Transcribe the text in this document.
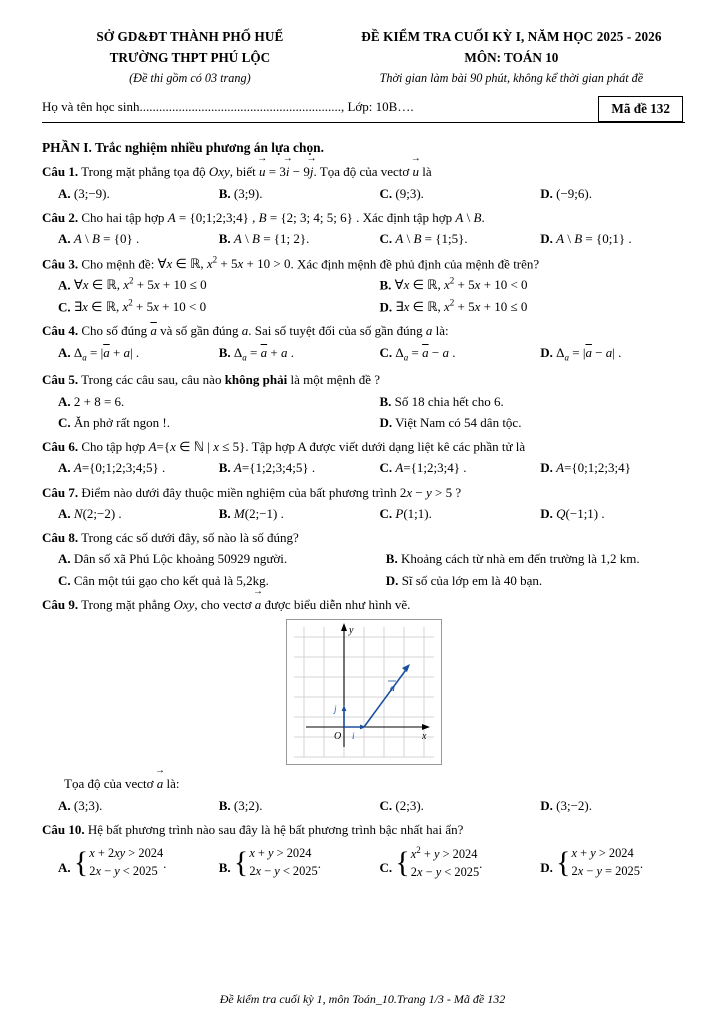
SỞ GD&ĐT THÀNH PHỐ HUẾ
TRƯỜNG THPT PHÚ LỘC
(Đề thi gồm có 03 trang)
ĐỀ KIỂM TRA CUỐI KỲ I, NĂM HỌC 2025 - 2026
MÔN: TOÁN 10
Thời gian làm bài 90 phút, không kể thời gian phát đề
Họ và tên học sinh .............................................................. , Lớp: 10B….	Mã đề 132
PHẦN I. Trắc nghiệm nhiều phương án lựa chọn.
Câu 1. Trong mặt phẳng tọa độ Oxy, biết u → = 3i → − 9j →. Tọa độ của vectơ u → là
A. (3;−9).	B. (3;9).	C. (9;3).	D. (−9;6).
Câu 2. Cho hai tập hợp A = {0;1;2;3;4} , B = {2; 3; 4; 5; 6} . Xác định tập hợp A \ B.
A. A \ B = {0} .	B. A \ B = {1; 2}.	C. A \ B = {1;5}.	D. A \ B = {0;1} .
Câu 3. Cho mệnh đề: ∀x ∈ ℝ, $x^2 + 5x + 10 > 0$. Xác định mệnh đề phủ định của mệnh đề trên?
A. ∀x ∈ ℝ, $x^2 + 5x + 10 \le 0$	B. ∀x ∈ ℝ, $x^2 + 5x + 10 < 0$
C. ∃x ∈ ℝ, $x^2 + 5x + 10 < 0$	D. ∃x ∈ ℝ, $x^2 + 5x + 10 \le 0$
Câu 4. Cho số đúng $\overline{a}$ và số gần đúng a. Sai số tuyệt đối của số gần đúng a là:
A. $\Delta_a = |\overline{a} + a|$ .	B. $\Delta_a = \overline{a} + a$ .	C. $\Delta_a = \overline{a} - a$ .	D. $\Delta_a = |\overline{a} - a|$ .
Câu 5. Trong các câu sau, câu nào không phải là một mệnh đề ?
A. 2 + 8 = 6.	B. Số 18 chia hết cho 6.
C. Ăn phở rất ngon !.	D. Việt Nam có 54 dân tộc.
Câu 6. Cho tập hợp A={x ∈ ℕ | x ≤ 5}. Tập hợp A được viết dưới dạng liệt kê các phần tử là
A. A={0;1;2;3;4;5} .	B. A={1;2;3;4;5} .	C. A={1;2;3;4} .	D. A={0;1;2;3;4}
Câu 7. Điểm nào dưới đây thuộc miền nghiệm của bất phương trình 2x − y > 5 ?
A. N(2;−2) .	B. M(2;−1) .	C. P(1;1).	D. Q(−1;1) .
Câu 8. Trong các số dưới đây, số nào là số đúng?
A. Dân số xã Phú Lộc khoảng 50929 người.	B. Khoảng cách từ nhà em đến trường là 1,2 km.
C. Cân một túi gạo cho kết quả là 5,2kg.	D. Sĩ số của lớp em là 40 bạn.
Câu 9. Trong mặt phẳng Oxy, cho vectơ a → được biểu diễn như hình vẽ.
y
x
O i
j
a
Tọa độ của vectơ a → là:
A. (3;3).	B. (3;2).	C. (2;3).	D. (3;−2).
Câu 10. Hệ bất phương trình nào sau đây là hệ bất phương trình bậc nhất hai ẩn?
A. { x + 2xy > 2024
2x − y < 2025
.	B. { x + y > 2024
2x − y < 2025
.	C. { $x^2 + y > 2024$
2x − y < 2025
.	D. { x + y > 2024
2x − y = 2025
.
Đề kiểm tra cuối kỳ 1, môn Toán_10.Trang 1/3 - Mã đề 132
